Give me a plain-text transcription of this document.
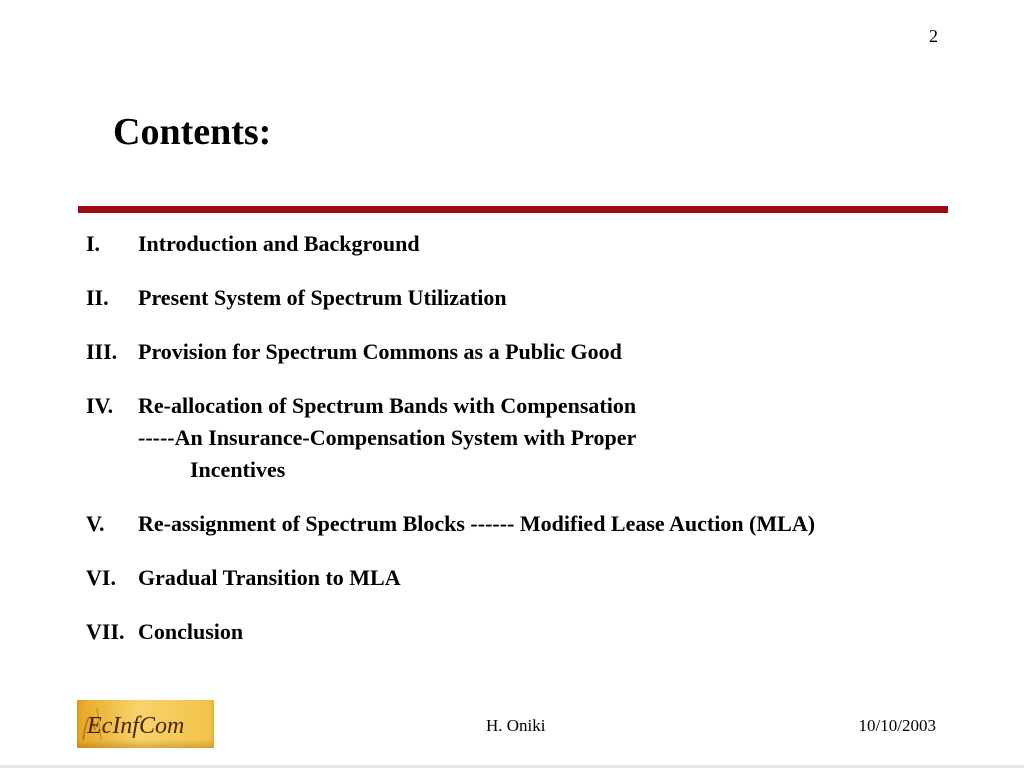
2
Contents:
I.	Introduction and Background
II.	Present System of Spectrum Utilization
III. Provision for Spectrum Commons as a Public Good
IV.	Re-allocation of Spectrum Bands with Compensation
-----An Insurance-Compensation System with Proper
Incentives
V.	Re-assignment of Spectrum Blocks ------ Modified Lease Auction (MLA)
VI.	Gradual Transition to MLA
VII. Conclusion
EcInfCom	H. Oniki	10/10/2003
